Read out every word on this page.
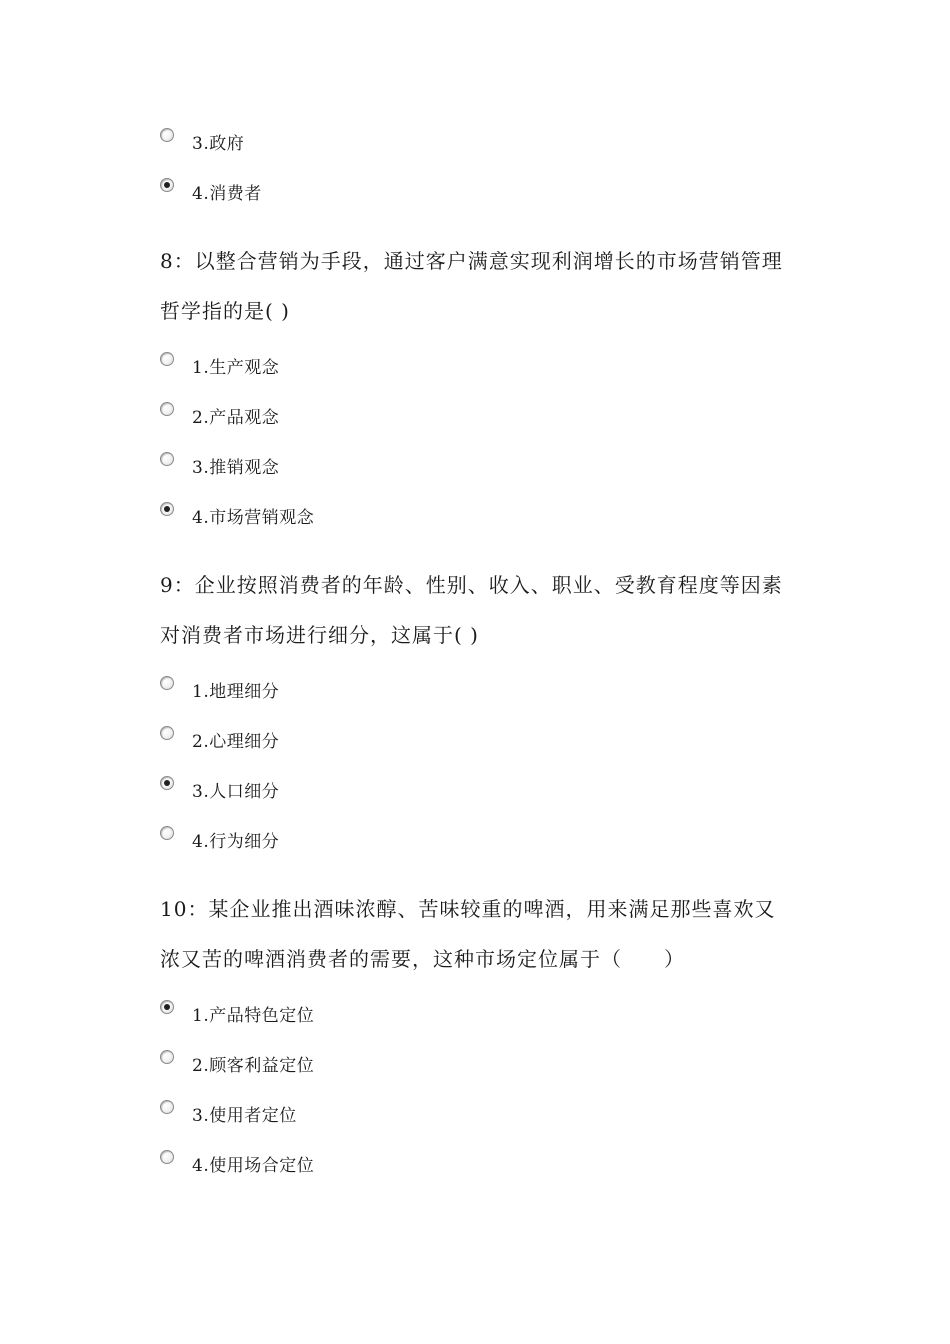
3.政府
4.消费者
8：以整合营销为手段，通过客户满意实现利润增长的市场营销管理
哲学指的是( )
1.生产观念
2.产品观念
3.推销观念
4.市场营销观念
9：企业按照消费者的年龄、性别、收入、职业、受教育程度等因素
对消费者市场进行细分，这属于( )
1.地理细分
2.心理细分
3.人口细分
4.行为细分
10：某企业推出酒味浓醇、苦味较重的啤酒，用来满足那些喜欢又
浓又苦的啤酒消费者的需要，这种市场定位属于（　　）
1.产品特色定位
2.顾客利益定位
3.使用者定位
4.使用场合定位
